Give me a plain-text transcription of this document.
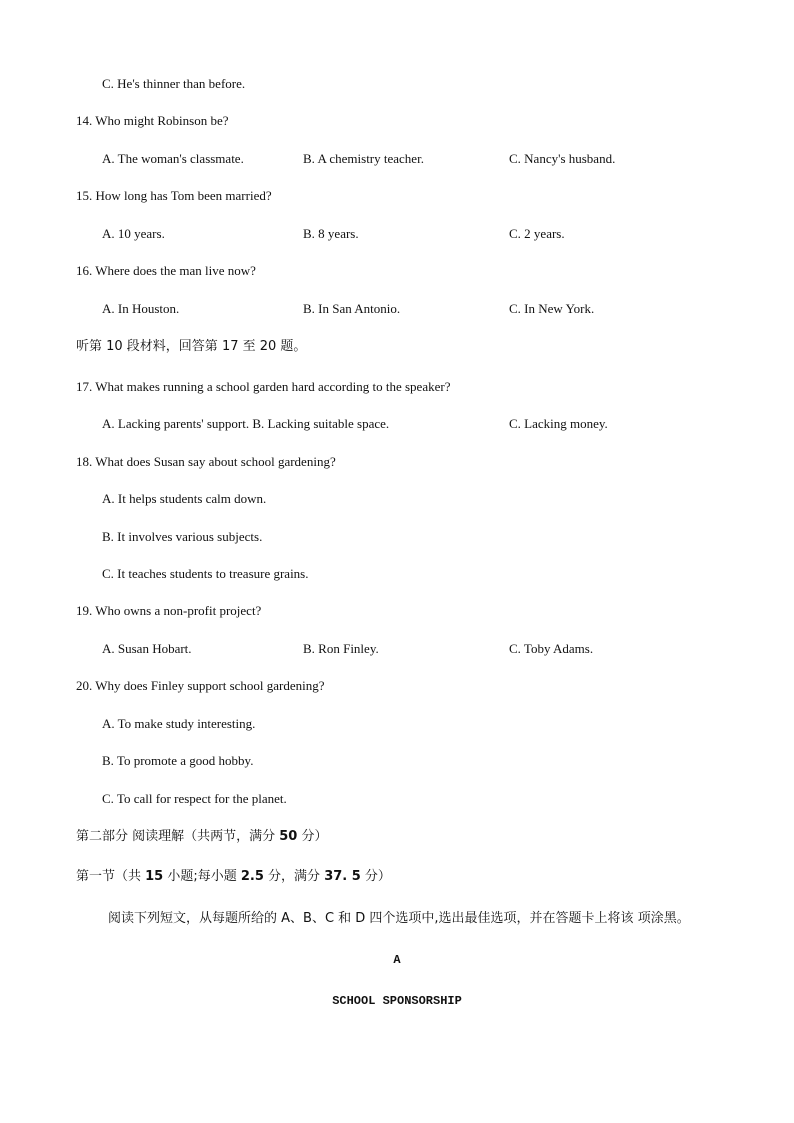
C. He's thinner than before.
14. Who might Robinson be?
A. The woman's classmate.	B. A chemistry teacher.	C. Nancy's husband.
15. How long has Tom been married?
A. 10 years.	B. 8 years.	C. 2 years.
16. Where does the man live now?
A. In Houston.	B. In San Antonio.	C. In New York.
听第 10 段材料，回答第 17 至 20 题。
17. What makes running a school garden hard according to the speaker?
A. Lacking parents' support. B. Lacking suitable space.	C. Lacking money.
18. What does Susan say about school gardening?
A. It helps students calm down.
B. It involves various subjects.
C. It teaches students to treasure grains.
19. Who owns a non-profit project?
A. Susan Hobart.	B. Ron Finley.	C. Toby Adams.
20. Why does Finley support school gardening?
A. To make study interesting.
B. To promote a good hobby.
C. To call for respect for the planet.
第二部分 阅读理解（共两节，满分 50 分）
第一节（共 15 小题;每小题 2.5 分，满分 37. 5 分）
阅读下列短文，从每题所给的 A、B、C 和 D 四个选项中,选出最佳选项，并在答题卡上将该 项涂黑。
A
SCHOOL SPONSORSHIP
